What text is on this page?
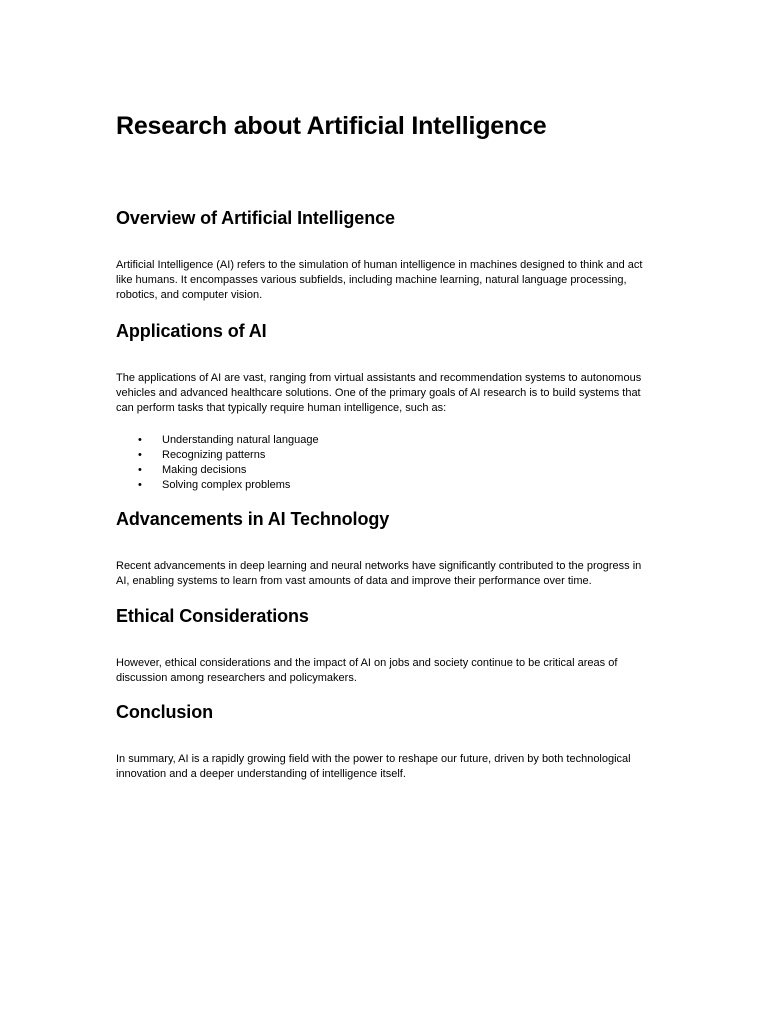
Research about Artificial Intelligence
Overview of Artificial Intelligence

Artificial Intelligence (AI) refers to the simulation of human intelligence in machines designed to think and act like humans. It encompasses various subfields, including machine learning, natural language processing, robotics, and computer vision.

Applications of AI

The applications of AI are vast, ranging from virtual assistants and recommendation systems to autonomous vehicles and advanced healthcare solutions. One of the primary goals of AI research is to build systems that can perform tasks that typically require human intelligence, such as:

• Understanding natural language
• Recognizing patterns
• Making decisions
• Solving complex problems
Advancements in AI Technology

Recent advancements in deep learning and neural networks have significantly contributed to the progress in AI, enabling systems to learn from vast amounts of data and improve their performance over time.

Ethical Considerations

However, ethical considerations and the impact of AI on jobs and society continue to be critical areas of discussion among researchers and policymakers.

Conclusion

In summary, AI is a rapidly growing field with the power to reshape our future, driven by both technological innovation and a deeper understanding of intelligence itself.
